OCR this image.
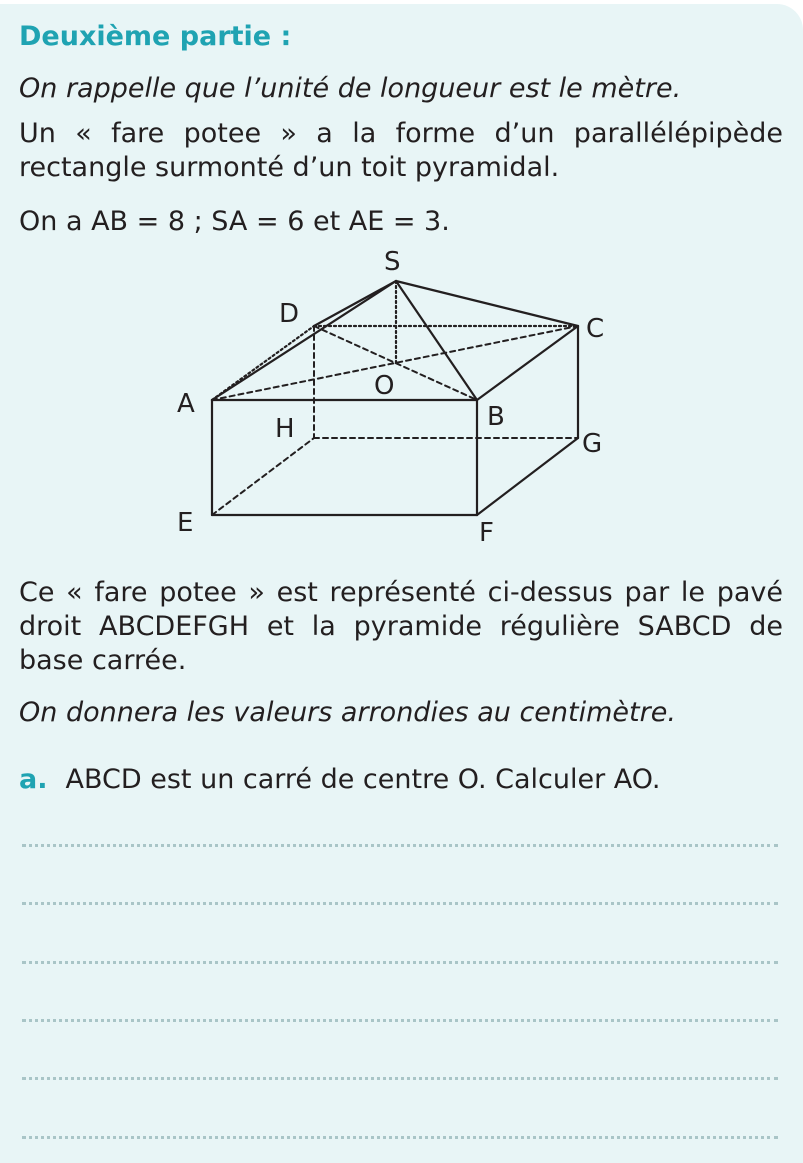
Deuxième partie :

On rappelle que l’unité de longueur est le mètre.

Un « fare potee » a la forme d’un parallélépipède rectangle surmonté d’un toit pyramidal.

On a AB = 8 ; SA = 6 et AE = 3.

S
D	C
A
O
B
H	G
E	F

Ce « fare potee » est représenté ci-dessus par le pavé droit ABCDEFGH et la pyramide régulière SABCD de base carrée.

On donnera les valeurs arrondies au centimètre.

a. ABCD est un carré de centre O. Calculer AO.
